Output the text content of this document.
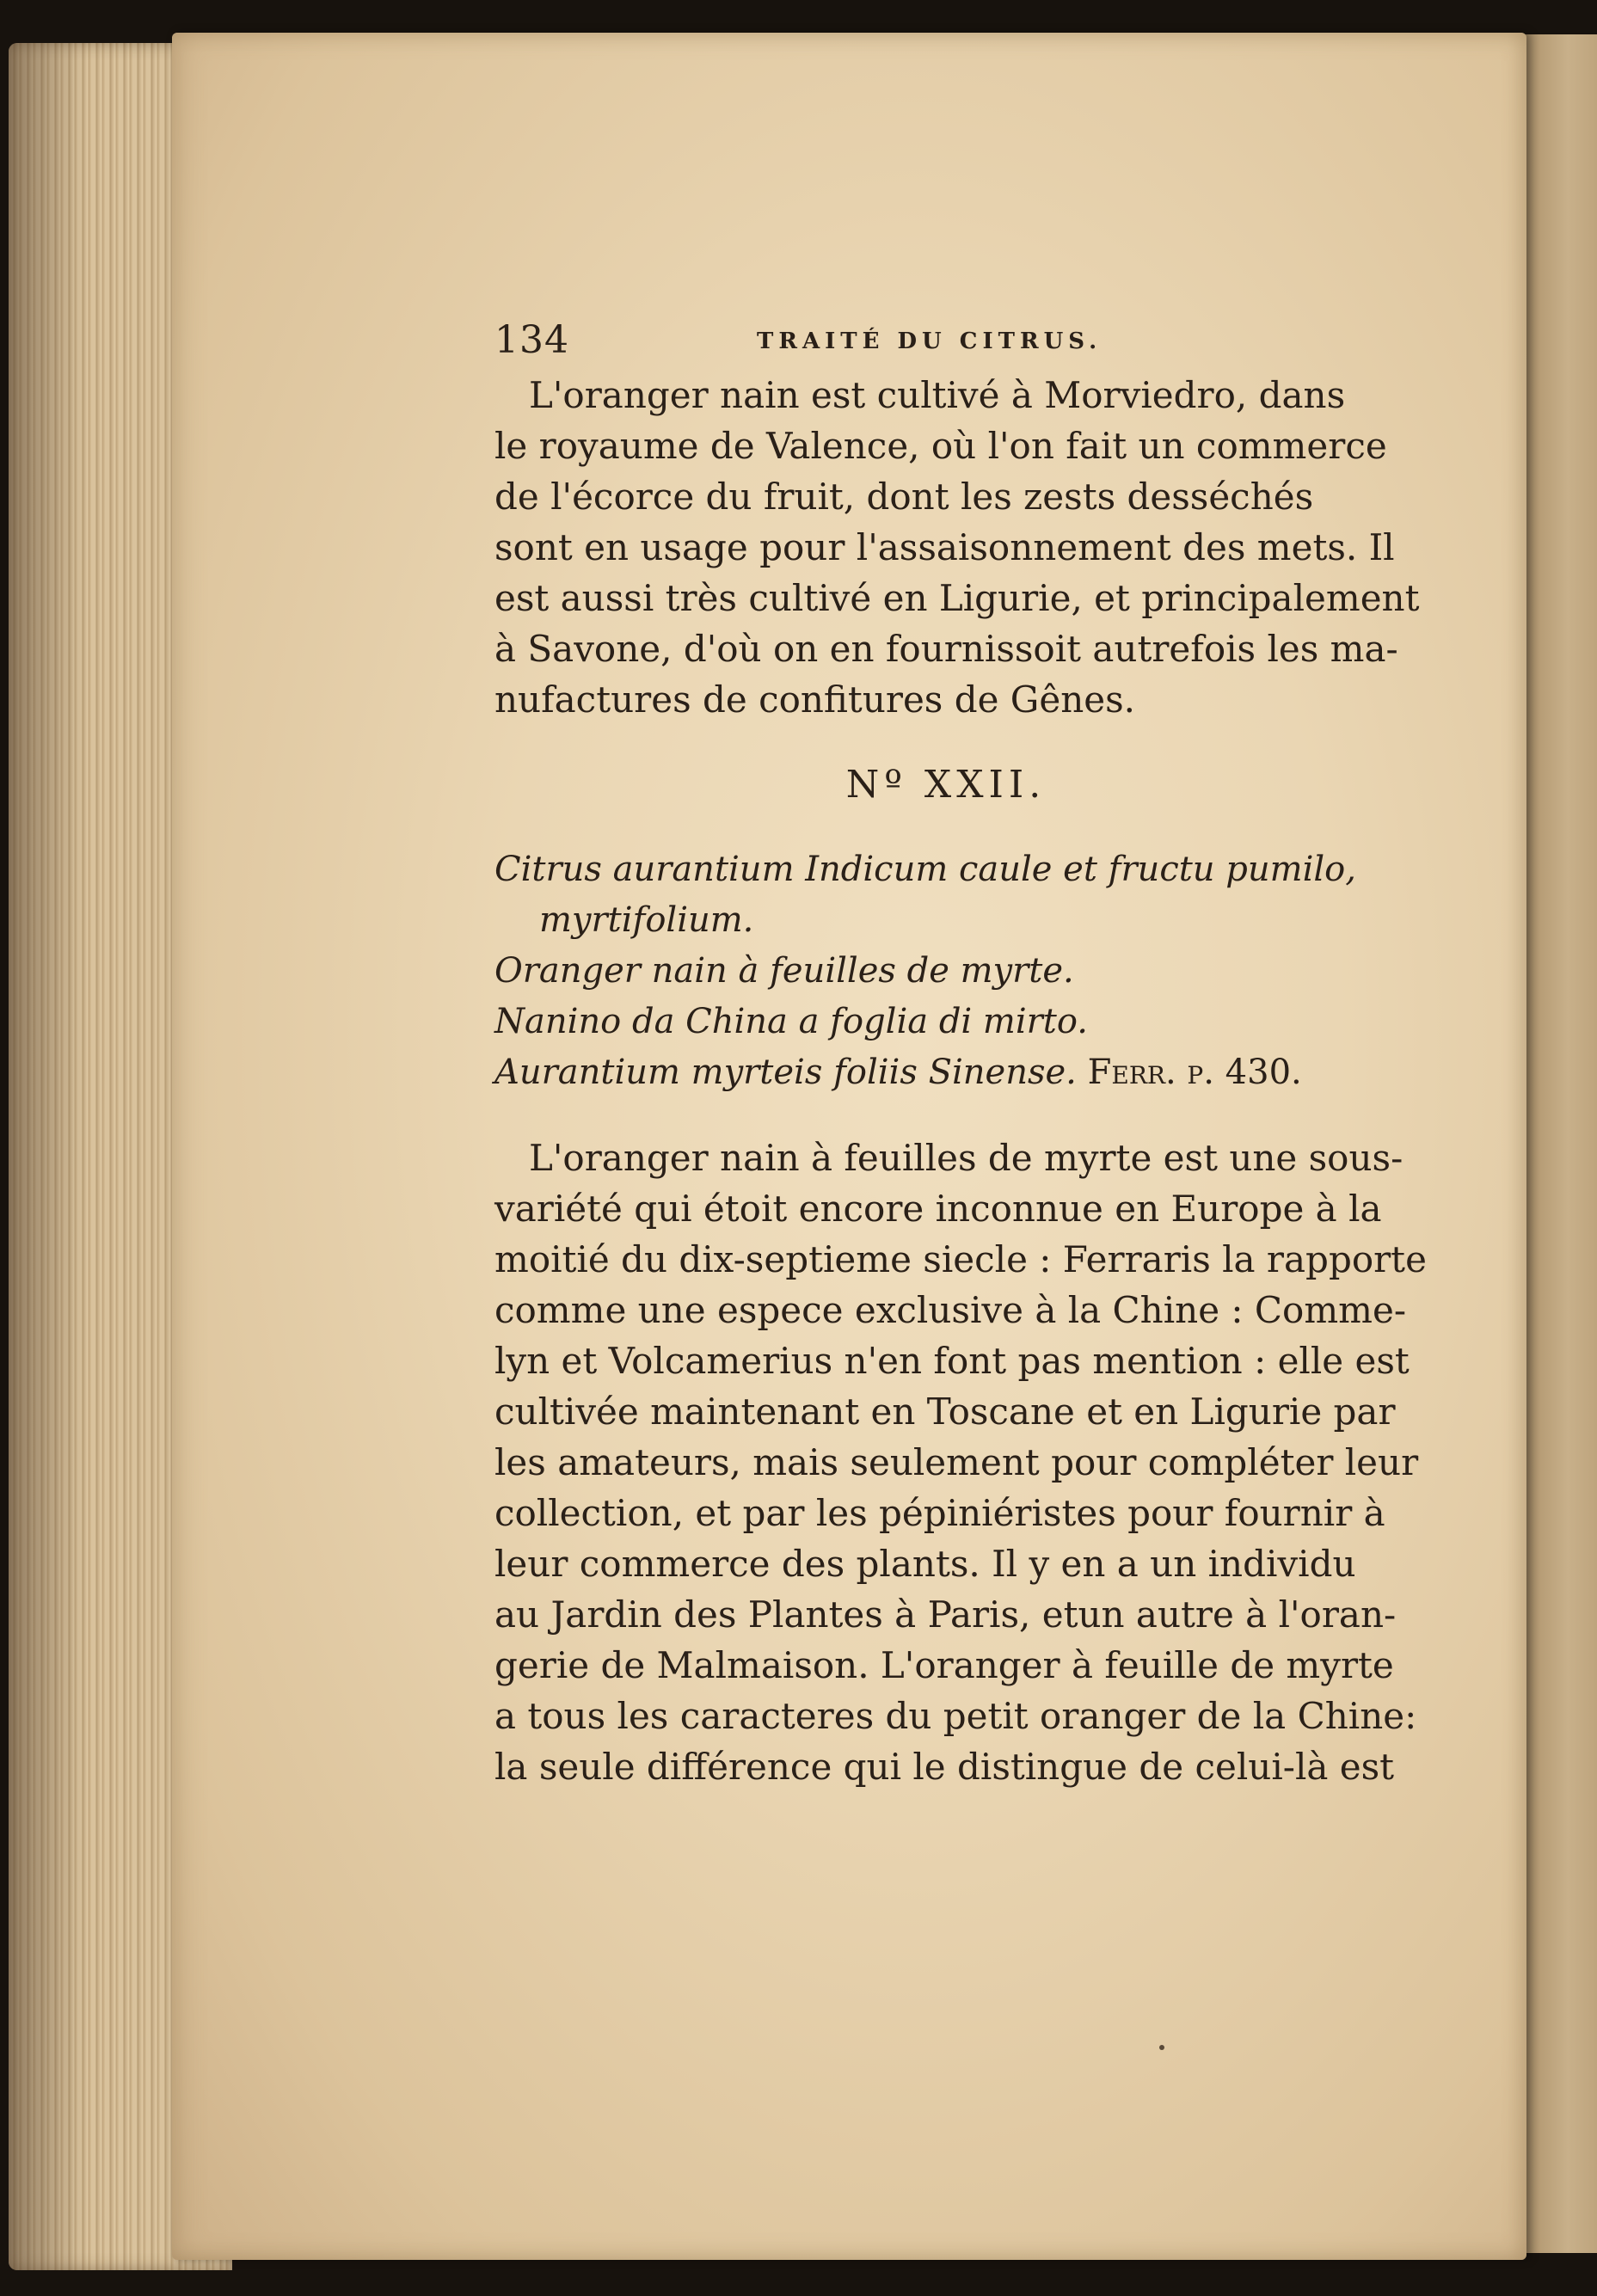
134	TRAITÉ DU CITRUS.

L'oranger nain est cultivé à Morviedro, dans
le royaume de Valence, où l'on fait un commerce
de l'écorce du fruit, dont les zests desséchés
sont en usage pour l'assaisonnement des mets. Il
est aussi très cultivé en Ligurie, et principalement
à Savone, d'où on en fournissoit autrefois les ma-
nufactures de confitures de Gênes.

Nº XXII.
Citrus aurantium Indicum caule et fructu pumilo,
myrtifolium.
Oranger nain à feuilles de myrte.
Nanino da China a foglia di mirto.
Aurantium myrteis foliis Sinense. Ferr. p. 430.

L'oranger nain à feuilles de myrte est une sous-
variété qui étoit encore inconnue en Europe à la
moitié du dix-septieme siecle : Ferraris la rapporte
comme une espece exclusive à la Chine : Comme-
lyn et Volcamerius n'en font pas mention : elle est
cultivée maintenant en Toscane et en Ligurie par
les amateurs, mais seulement pour compléter leur
collection, et par les pépiniéristes pour fournir à
leur commerce des plants. Il y en a un individu
au Jardin des Plantes à Paris, etun autre à l'oran-
gerie de Malmaison. L'oranger à feuille de myrte
a tous les caracteres du petit oranger de la Chine:
la seule différence qui le distingue de celui-là est
